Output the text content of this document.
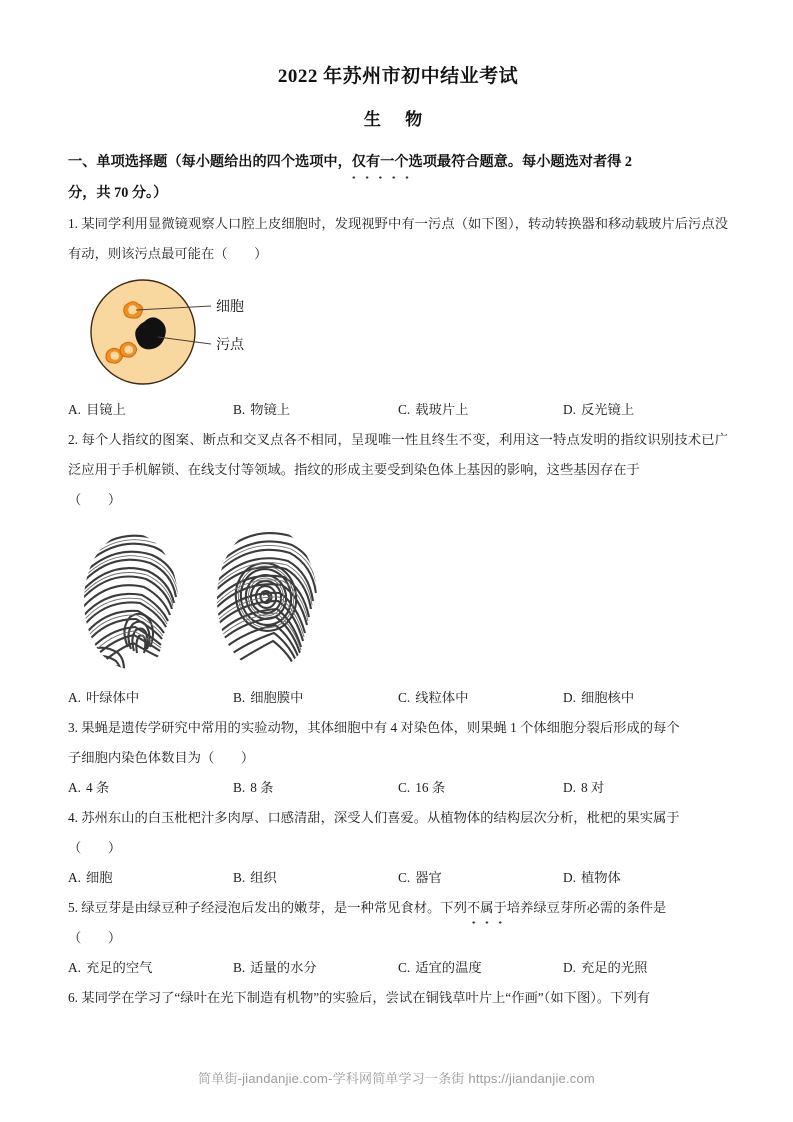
2022 年苏州市初中结业考试
生 物
一、单项选择题（每小题给出的四个选项中，仅有一个选项最符合题意。每小题选对者得 2
分，共 70 分。）
1. 某同学利用显微镜观察人口腔上皮细胞时，发现视野中有一污点（如下图），转动转换器和移动载玻片后污点没有动，则该污点最可能在（　　）
细胞
污点
A. 目镜上	B. 物镜上	C. 载玻片上	D. 反光镜上
2. 每个人指纹的图案、断点和交叉点各不相同，呈现唯一性且终生不变，利用这一特点发明的指纹识别技术已广泛应用于手机解锁、在线支付等领域。指纹的形成主要受到染色体上基因的影响，这些基因存在于
（　　）
A. 叶绿体中	B. 细胞膜中	C. 线粒体中	D. 细胞核中
3. 果蝇是遗传学研究中常用的实验动物，其体细胞中有 4 对染色体，则果蝇 1 个体细胞分裂后形成的每个
子细胞内染色体数目为（　　）
A. 4 条	B. 8 条	C. 16 条	D. 8 对
4. 苏州东山的白玉枇杷汁多肉厚、口感清甜，深受人们喜爱。从植物体的结构层次分析，枇杷的果实属于
（　　）
A. 细胞	B. 组织	C. 器官	D. 植物体
5. 绿豆芽是由绿豆种子经浸泡后发出的嫩芽，是一种常见食材。下列不属于培养绿豆芽所必需的条件是
（　　）
A. 充足的空气	B. 适量的水分	C. 适宜的温度	D. 充足的光照
6. 某同学在学习了“绿叶在光下制造有机物”的实验后，尝试在铜钱草叶片上“作画”（如下图）。下列有
简单街-jiandanjie.com-学科网简单学习一条街 https://jiandanjie.com
